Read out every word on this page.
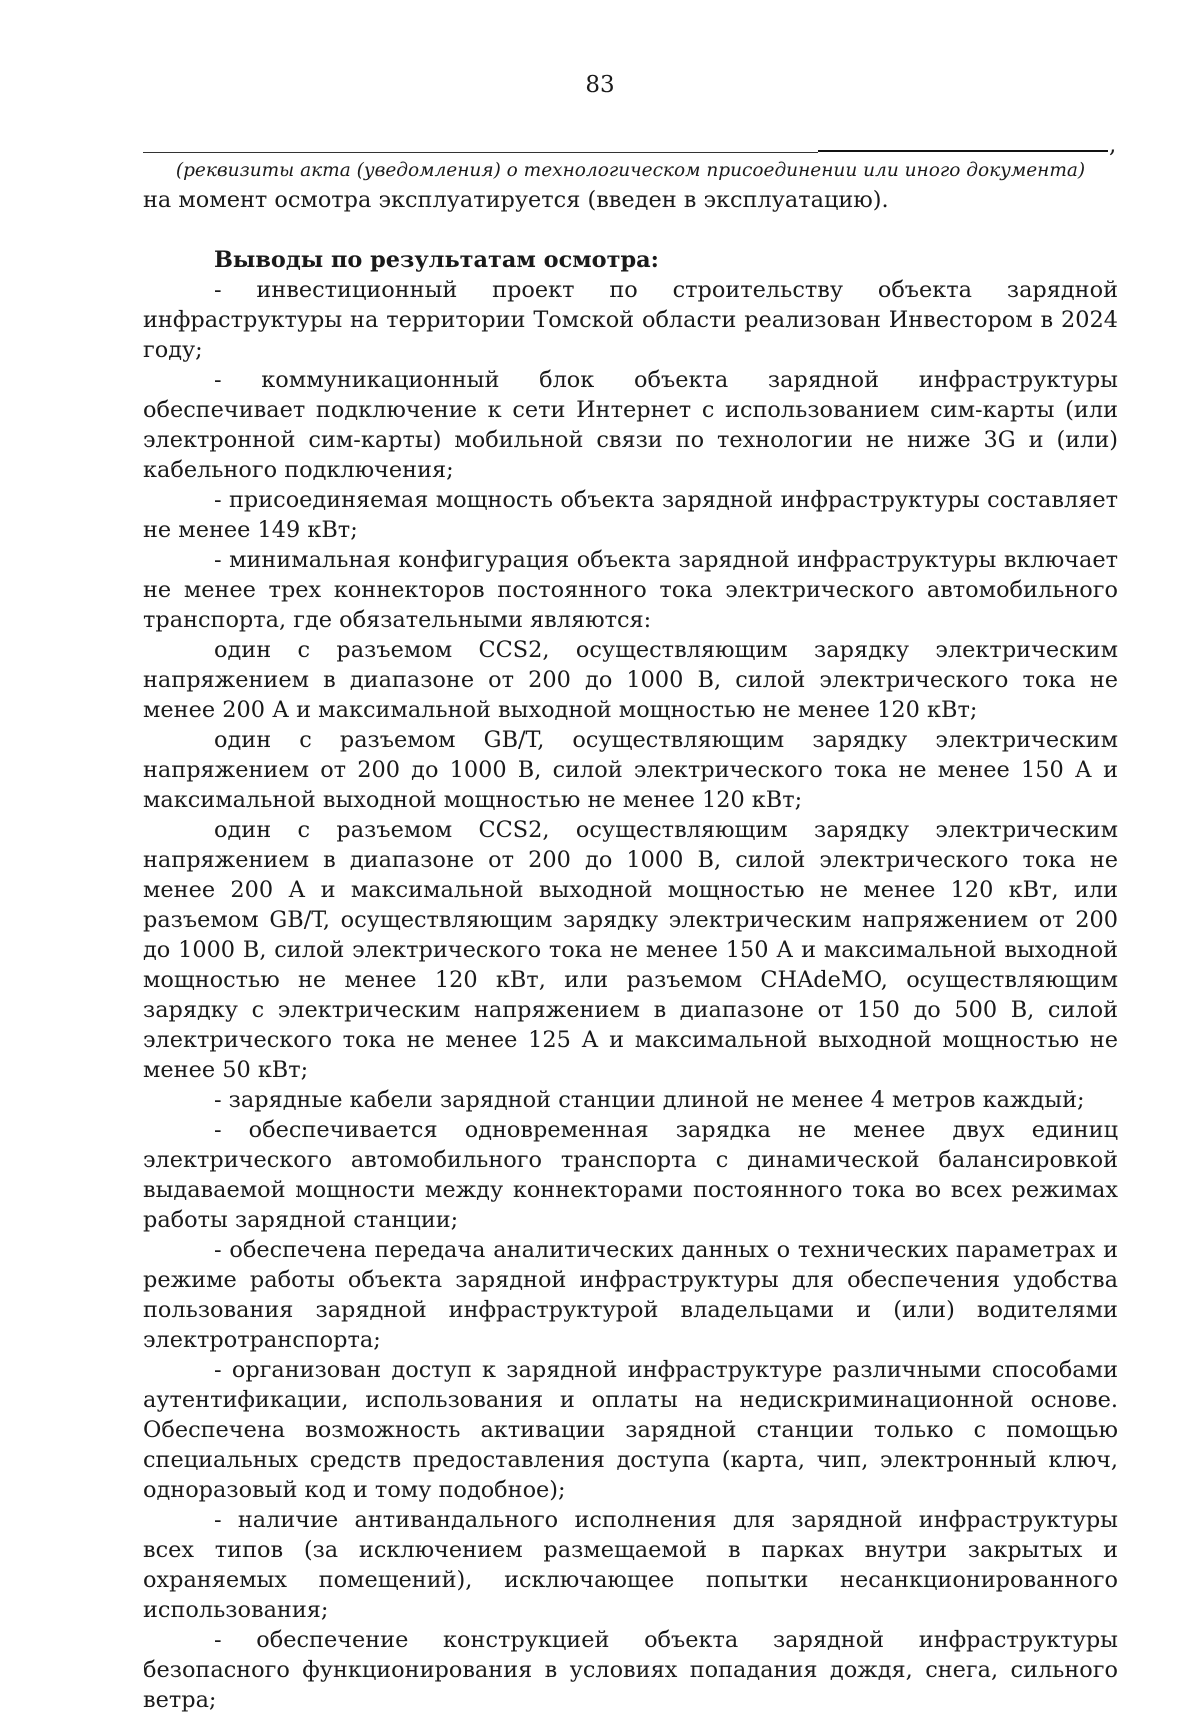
83
,
(реквизиты акта (уведомления) о технологическом присоединении или иного документа)

на момент осмотра эксплуатируется (введен в эксплуатацию).

Выводы по результатам осмотра:

- инвестиционный проект по строительству объекта зарядной инфраструктуры на территории Томской области реализован Инвестором в 2024 году;

- коммуникационный блок объекта зарядной инфраструктуры обеспечивает подключение к сети Интернет с использованием сим-карты (или электронной сим-карты) мобильной связи по технологии не ниже 3G и (или) кабельного подключения;

- присоединяемая мощность объекта зарядной инфраструктуры составляет не менее 149 кВт;

- минимальная конфигурация объекта зарядной инфраструктуры включает не менее трех коннекторов постоянного тока электрического автомобильного транспорта, где обязательными являются:

один с разъемом CCS2, осуществляющим зарядку электрическим напряжением в диапазоне от 200 до 1000 В, силой электрического тока не менее 200 А и максимальной выходной мощностью не менее 120 кВт;

один с разъемом GB/T, осуществляющим зарядку электрическим напряжением от 200 до 1000 В, силой электрического тока не менее 150 А и максимальной выходной мощностью не менее 120 кВт;

один с разъемом CCS2, осуществляющим зарядку электрическим напряжением в диапазоне от 200 до 1000 В, силой электрического тока не менее 200 А и максимальной выходной мощностью не менее 120 кВт, или разъемом GB/T, осуществляющим зарядку электрическим напряжением от 200 до 1000 В, силой электрического тока не менее 150 А и максимальной выходной мощностью не менее 120 кВт, или разъемом CHAdeMO, осуществляющим зарядку с электрическим напряжением в диапазоне от 150 до 500 В, силой электрического тока не менее 125 А и максимальной выходной мощностью не менее 50 кВт;

- зарядные кабели зарядной станции длиной не менее 4 метров каждый;

- обеспечивается одновременная зарядка не менее двух единиц электрического автомобильного транспорта с динамической балансировкой выдаваемой мощности между коннекторами постоянного тока во всех режимах работы зарядной станции;

- обеспечена передача аналитических данных о технических параметрах и режиме работы объекта зарядной инфраструктуры для обеспечения удобства пользования зарядной инфраструктурой владельцами и (или) водителями электротранспорта;

- организован доступ к зарядной инфраструктуре различными способами аутентификации, использования и оплаты на недискриминационной основе. Обеспечена возможность активации зарядной станции только с помощью специальных средств предоставления доступа (карта, чип, электронный ключ, одноразовый код и тому подобное);

- наличие антивандального исполнения для зарядной инфраструктуры всех типов (за исключением размещаемой в парках внутри закрытых и охраняемых помещений), исключающее попытки несанкционированного использования;

- обеспечение конструкцией объекта зарядной инфраструктуры безопасного функционирования в условиях попадания дождя, снега, сильного ветра;
